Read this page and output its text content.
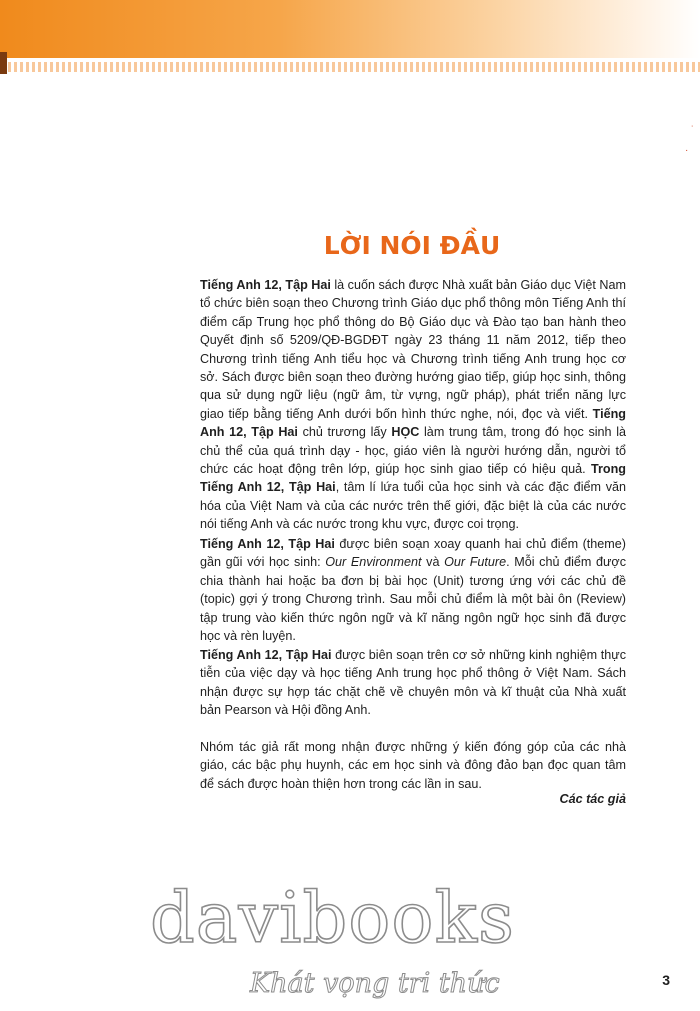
˙
·
LỜI NÓI ĐẦU

Tiếng Anh 12, Tập Hai là cuốn sách được Nhà xuất bản Giáo dục Việt Nam tổ chức biên soạn theo Chương trình Giáo dục phổ thông môn Tiếng Anh thí điểm cấp Trung học phổ thông do Bộ Giáo dục và Đào tạo ban hành theo Quyết định số 5209/QĐ-BGDĐT ngày 23 tháng 11 năm 2012, tiếp theo Chương trình tiếng Anh tiểu học và Chương trình tiếng Anh trung học cơ sở. Sách được biên soạn theo đường hướng giao tiếp, giúp học sinh, thông qua sử dụng ngữ liệu (ngữ âm, từ vựng, ngữ pháp), phát triển năng lực giao tiếp bằng tiếng Anh dưới bốn hình thức nghe, nói, đọc và viết. Tiếng Anh 12, Tập Hai chủ trương lấy HỌC làm trung tâm, trong đó học sinh là chủ thể của quá trình dạy - học, giáo viên là người hướng dẫn, người tổ chức các hoạt động trên lớp, giúp học sinh giao tiếp có hiệu quả. Trong Tiếng Anh 12, Tập Hai, tâm lí lứa tuổi của học sinh và các đặc điểm văn hóa của Việt Nam và của các nước trên thế giới, đặc biệt là của các nước nói tiếng Anh và các nước trong khu vực, được coi trọng.

Tiếng Anh 12, Tập Hai được biên soạn xoay quanh hai chủ điểm (theme) gần gũi với học sinh: Our Environment và Our Future. Mỗi chủ điểm được chia thành hai hoặc ba đơn bị bài học (Unit) tương ứng với các chủ đề (topic) gợi ý trong Chương trình. Sau mỗi chủ điểm là một bài ôn (Review) tập trung vào kiến thức ngôn ngữ và kĩ năng ngôn ngữ học sinh đã được học và rèn luyện.

Tiếng Anh 12, Tập Hai được biên soạn trên cơ sở những kinh nghiệm thực tiễn của việc dạy và học tiếng Anh trung học phổ thông ở Việt Nam. Sách nhận được sự hợp tác chặt chẽ về chuyên môn và kĩ thuật của Nhà xuất bản Pearson và Hội đồng Anh.

Nhóm tác giả rất mong nhận được những ý kiến đóng góp của các nhà giáo, các bậc phụ huynh, các em học sinh và đông đảo bạn đọc quan tâm để sách được hoàn thiện hơn trong các lần in sau.

Các tác giả

davibooks
Khát vọng tri thức	3
